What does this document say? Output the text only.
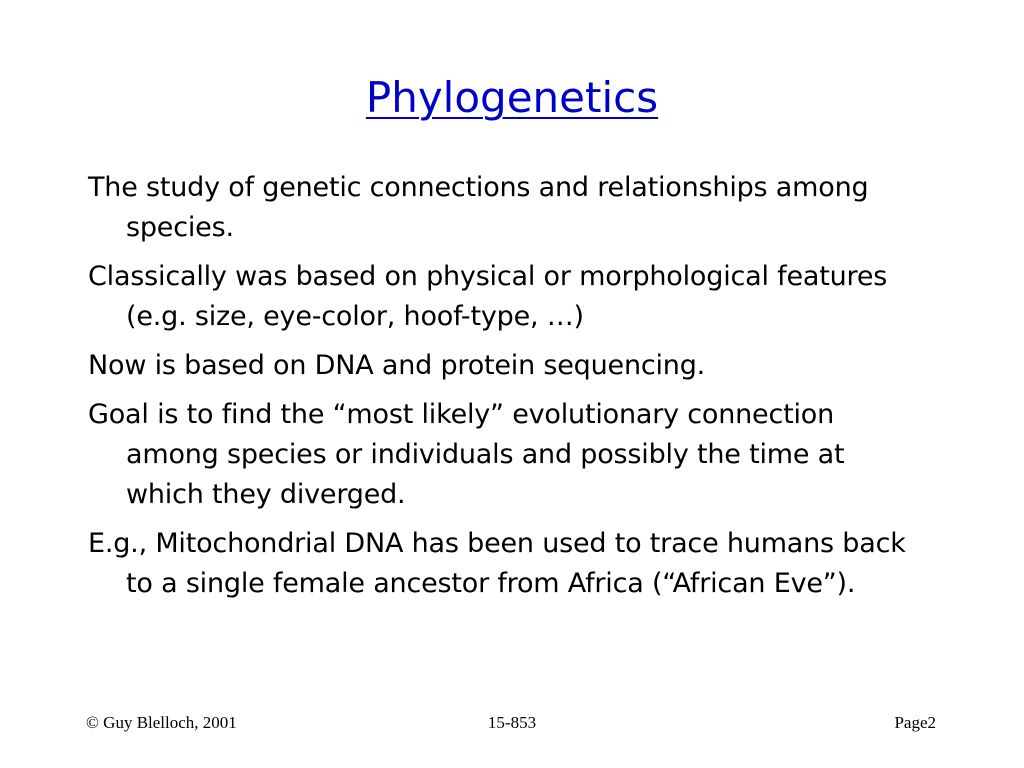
Phylogenetics
The study of genetic connections and relationships among species.
Classically was based on physical or morphological features (e.g. size, eye-color, hoof-type, …)
Now is based on DNA and protein sequencing.
Goal is to find the “most likely” evolutionary connection among species or individuals and possibly the time at which they diverged.
E.g., Mitochondrial DNA has been used to trace humans back to a single female ancestor from Africa (“African Eve”).
© Guy Blelloch, 2001	15-853	Page2
